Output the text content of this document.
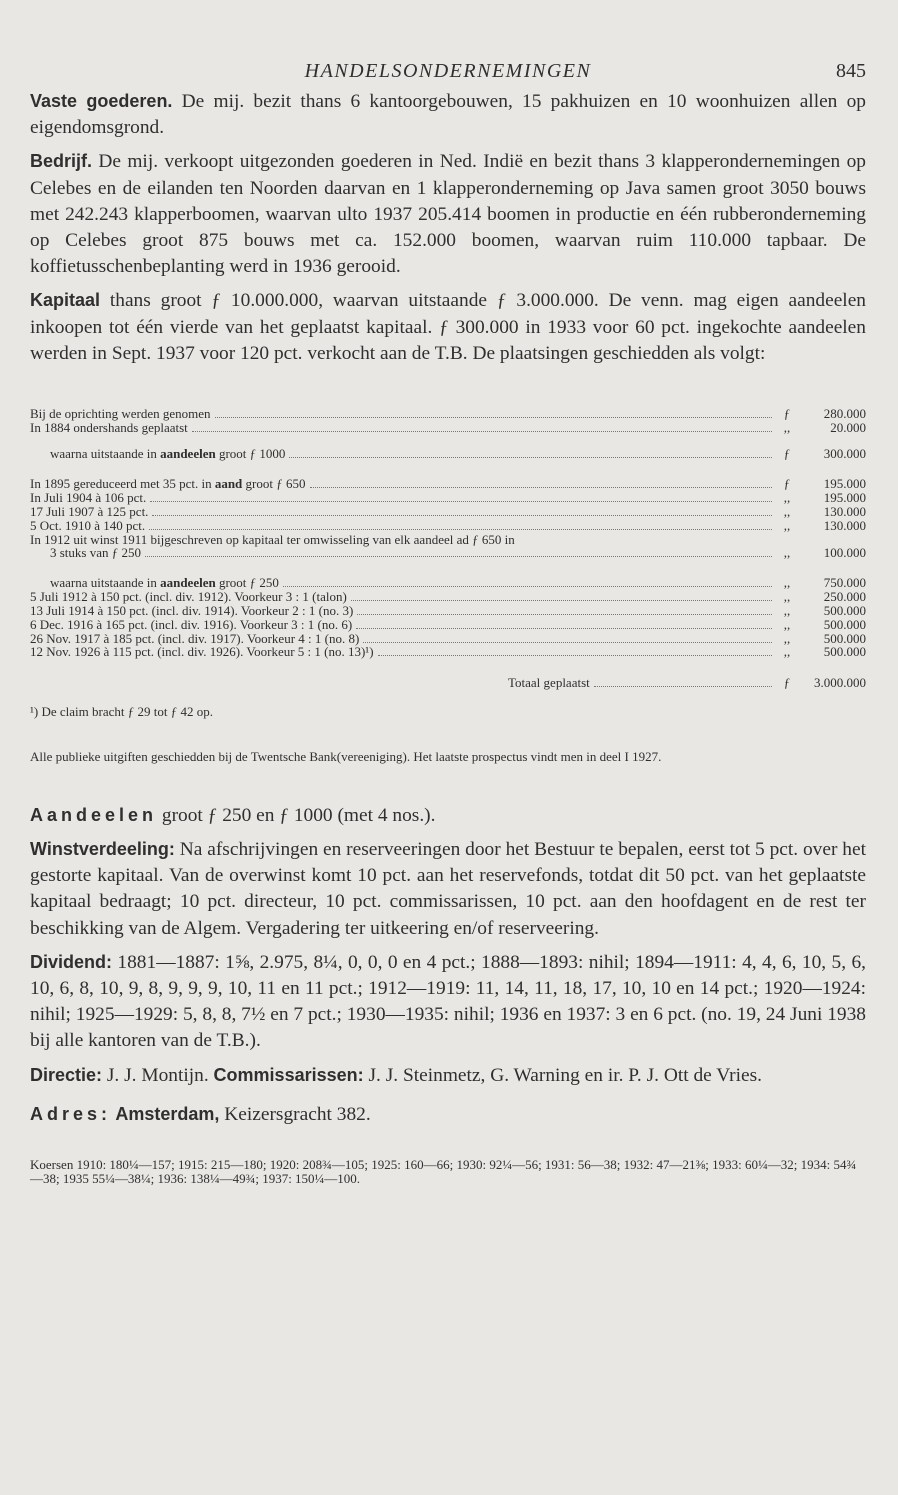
HANDELSONDERNEMINGEN	845

Vaste goederen. De mij. bezit thans 6 kantoorgebouwen, 15 pakhuizen en 10 woonhuizen allen op eigendomsgrond.

Bedrijf. De mij. verkoopt uitgezonden goederen in Ned. Indië en bezit thans 3 klapperondernemingen op Celebes en de eilanden ten Noorden daarvan en 1 klapperonderneming op Java samen groot 3050 bouws met 242.243 klapperboomen, waarvan ulto 1937 205.414 boomen in productie en één rubberonderneming op Celebes groot 875 bouws met ca. 152.000 boomen, waarvan ruim 110.000 tapbaar. De koffietusschenbeplanting werd in 1936 gerooid.

Kapitaal thans groot ƒ 10.000.000, waarvan uitstaande ƒ 3.000.000. De venn. mag eigen aandeelen inkoopen tot één vierde van het geplaatst kapitaal. ƒ 300.000 in 1933 voor 60 pct. ingekochte aandeelen werden in Sept. 1937 voor 120 pct. verkocht aan de T.B. De plaatsingen geschiedden als volgt:

Bij de oprichting werden genomen	ƒ	280.000
In 1884 ondershands geplaatst	,,	20.000
waarna uitstaande in aandeelen groot ƒ 1000	ƒ	300.000
In 1895 gereduceerd met 35 pct. in aand groot ƒ 650	ƒ	195.000
In Juli 1904 à 106 pct.	,,	195.000
17 Juli 1907 à 125 pct.	,,	130.000
5 Oct. 1910 à 140 pct.	,,	130.000
In 1912 uit winst 1911 bijgeschreven op kapitaal ter omwisseling van elk aandeel ad ƒ 650 in
3 stuks van ƒ 250	,,	100.000
waarna uitstaande in aandeelen groot ƒ 250	,,	750.000
5 Juli 1912 à 150 pct. (incl. div. 1912). Voorkeur 3 : 1 (talon)	,,	250.000
13 Juli 1914 à 150 pct. (incl. div. 1914). Voorkeur 2 : 1 (no. 3)	,,	500.000
6 Dec. 1916 à 165 pct. (incl. div. 1916). Voorkeur 3 : 1 (no. 6)	,,	500.000
26 Nov. 1917 à 185 pct. (incl. div. 1917). Voorkeur 4 : 1 (no. 8)	,,	500.000
12 Nov. 1926 à 115 pct. (incl. div. 1926). Voorkeur 5 : 1 (no. 13)¹)	,,	500.000
Totaal geplaatst	ƒ	3.000.000
¹) De claim bracht ƒ 29 tot ƒ 42 op.
Alle publieke uitgiften geschiedden bij de Twentsche Bank(vereeniging). Het laatste prospectus vindt men in deel I 1927.

Aandeelen groot ƒ 250 en ƒ 1000 (met 4 nos.).

Winstverdeeling: Na afschrijvingen en reserveeringen door het Bestuur te bepalen, eerst tot 5 pct. over het gestorte kapitaal. Van de overwinst komt 10 pct. aan het reservefonds, totdat dit 50 pct. van het geplaatste kapitaal bedraagt; 10 pct. directeur, 10 pct. commissarissen, 10 pct. aan den hoofdagent en de rest ter beschikking van de Algem. Vergadering ter uitkeering en/of reserveering.

Dividend: 1881—1887: 1⅝, 2.975, 8¼, 0, 0, 0 en 4 pct.; 1888—1893: nihil; 1894—1911: 4, 4, 6, 10, 5, 6, 10, 6, 8, 10, 9, 8, 9, 9, 9, 10, 11 en 11 pct.; 1912—1919: 11, 14, 11, 18, 17, 10, 10 en 14 pct.; 1920—1924: nihil; 1925—1929: 5, 8, 8, 7½ en 7 pct.; 1930—1935: nihil; 1936 en 1937: 3 en 6 pct. (no. 19, 24 Juni 1938 bij alle kantoren van de T.B.).

Directie: J. J. Montijn. Commissarissen: J. J. Steinmetz, G. Warning en ir. P. J. Ott de Vries.

Adres: Amsterdam, Keizersgracht 382.

Koersen 1910: 180¼—157; 1915: 215—180; 1920: 208¾—105; 1925: 160—66; 1930: 92¼—56; 1931: 56—38; 1932: 47—21⅜; 1933: 60¼—32; 1934: 54¾—38; 1935 55¼—38¼; 1936: 138¼—49¾; 1937: 150¼—100.
